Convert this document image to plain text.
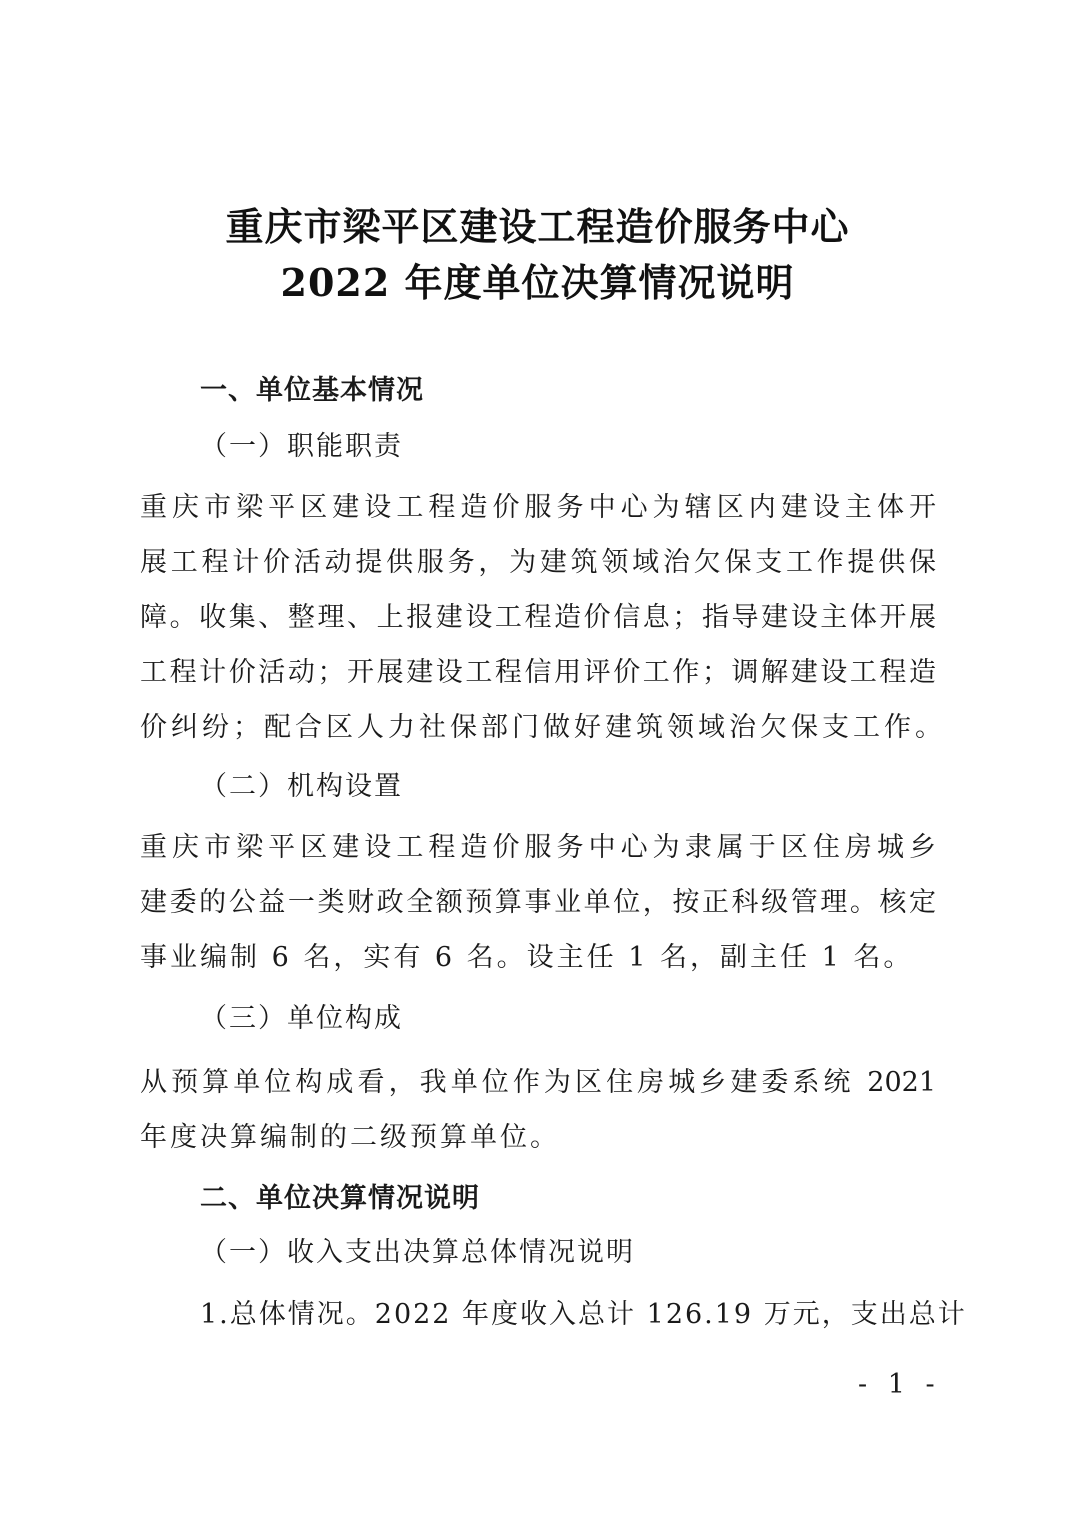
重庆市梁平区建设工程造价服务中心
2022 年度单位决算情况说明
一、单位基本情况
（一）职能职责
重庆市梁平区建设工程造价服务中心为辖区内建设主体开
展工程计价活动提供服务，为建筑领域治欠保支工作提供保
障。收集、整理、上报建设工程造价信息；指导建设主体开展
工程计价活动；开展建设工程信用评价工作；调解建设工程造
价纠纷；配合区人力社保部门做好建筑领域治欠保支工作。
（二）机构设置
重庆市梁平区建设工程造价服务中心为隶属于区住房城乡
建委的公益一类财政全额预算事业单位，按正科级管理。核定
事业编制 6 名，实有 6 名。设主任 1 名，副主任 1 名。
（三）单位构成
从预算单位构成看，我单位作为区住房城乡建委系统 2021
年度决算编制的二级预算单位。
二、单位决算情况说明
（一）收入支出决算总体情况说明
1.总体情况。2022 年度收入总计 126.19 万元，支出总计
- 1 -
